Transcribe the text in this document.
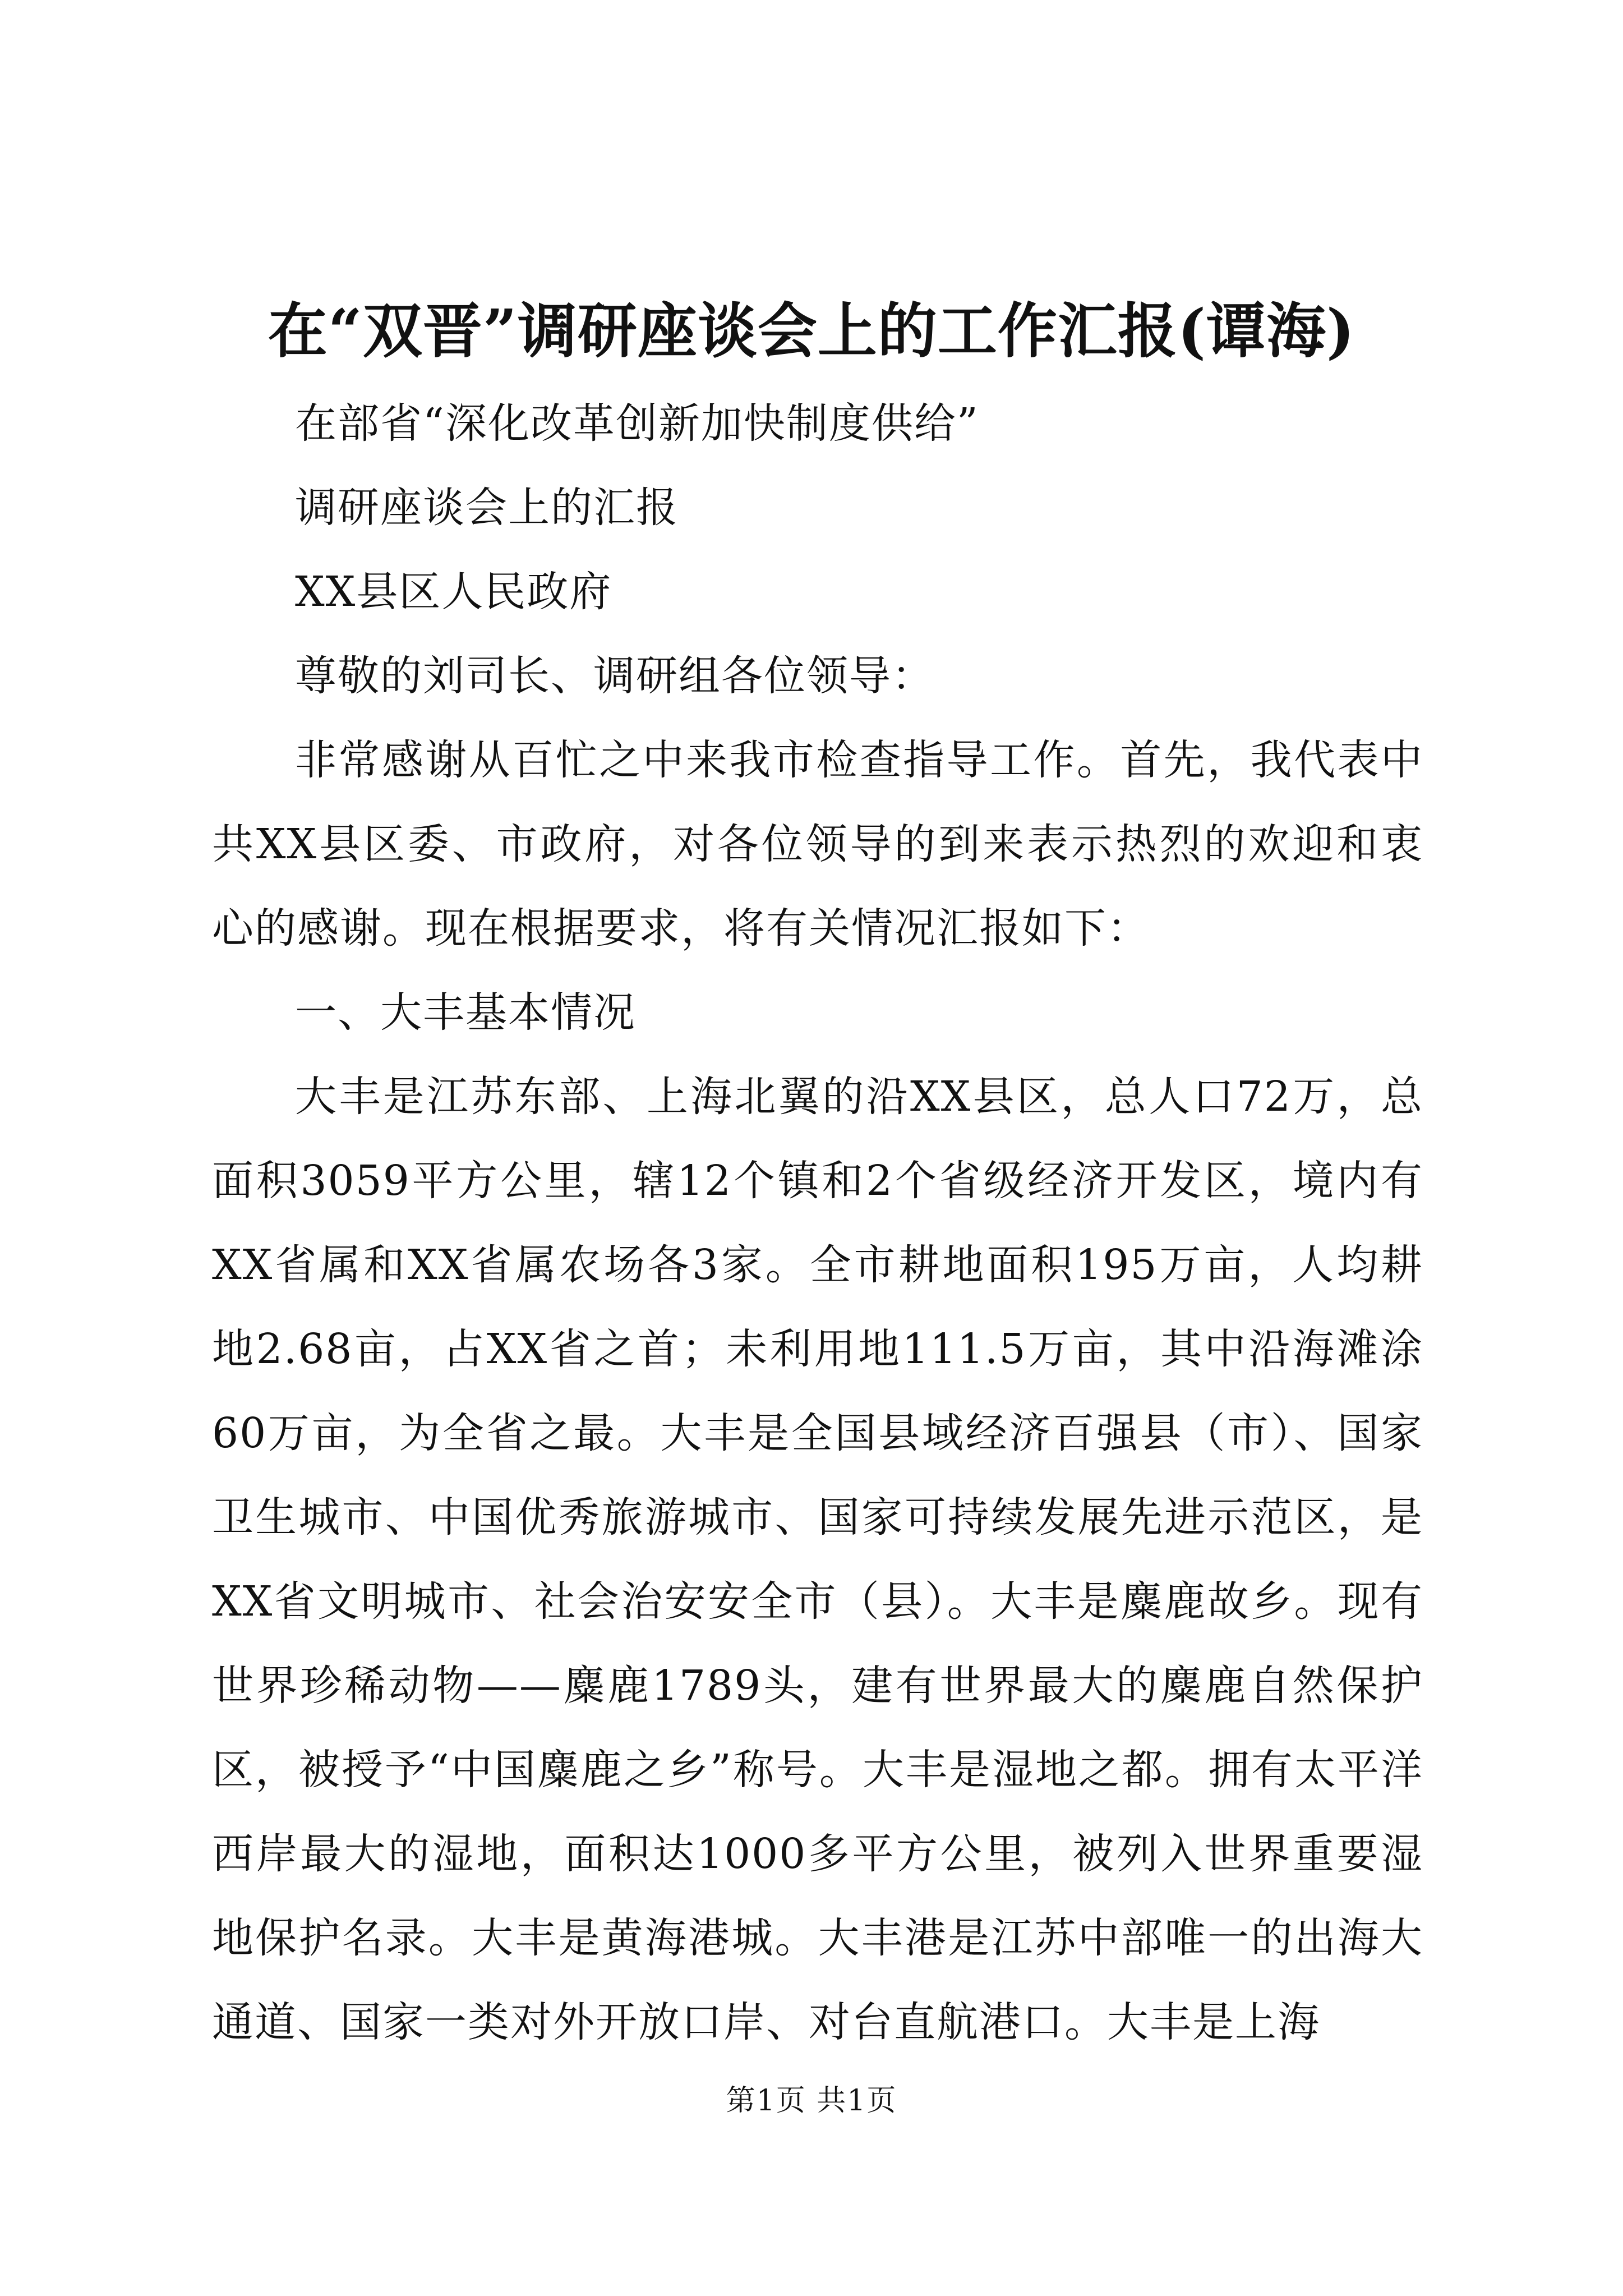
在“双晋”调研座谈会上的工作汇报(谭海)

在部省“深化改革创新加快制度供给”

调研座谈会上的汇报

XX县区人民政府

尊敬的刘司长、调研组各位领导：

非常感谢从百忙之中来我市检查指导工作。首先，我代表中共XX县区委、市政府，对各位领导的到来表示热烈的欢迎和衷心的感谢。现在根据要求，将有关情况汇报如下：

一、大丰基本情况

大丰是江苏东部、上海北翼的沿XX县区，总人口72万，总面积3059平方公里，辖12个镇和2个省级经济开发区，境内有XX省属和XX省属农场各3家。全市耕地面积195万亩，人均耕地2.68亩，占XX省之首；未利用地111.5万亩，其中沿海滩涂60万亩，为全省之最。大丰是全国县域经济百强县（市）、国家卫生城市、中国优秀旅游城市、国家可持续发展先进示范区，是XX省文明城市、社会治安安全市（县）。大丰是麋鹿故乡。现有世界珍稀动物——麋鹿1789头，建有世界最大的麋鹿自然保护区，被授予“中国麋鹿之乡”称号。大丰是湿地之都。拥有太平洋西岸最大的湿地，面积达1000多平方公里，被列入世界重要湿地保护名录。大丰是黄海港城。大丰港是江苏中部唯一的出海大通道、国家一类对外开放口岸、对台直航港口。大丰是上海

第1页 共1页
